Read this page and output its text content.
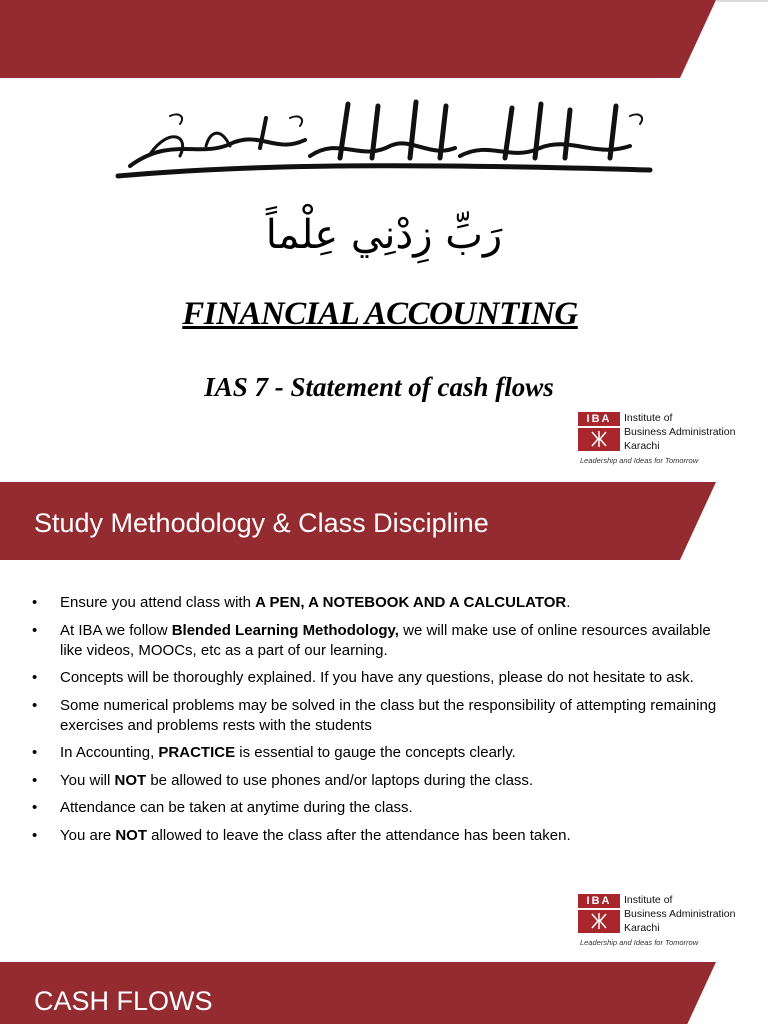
رَبِّ زِدْنِي عِلْماً
FINANCIAL ACCOUNTING
IAS 7 - Statement of cash flows
IBA	Institute of
Business Administration
Karachi
Leadership and Ideas for Tomorrow
Study Methodology & Class Discipline
• Ensure you attend class with A PEN, A NOTEBOOK AND A CALCULATOR.
• At IBA we follow Blended Learning Methodology, we will make use of online resources available like videos, MOOCs, etc as a part of our learning.
• Concepts will be thoroughly explained. If you have any questions, please do not hesitate to ask.
• Some numerical problems may be solved in the class but the responsibility of attempting remaining exercises and problems rests with the students
• In Accounting, PRACTICE is essential to gauge the concepts clearly.
• You will NOT be allowed to use phones and/or laptops during the class.
• Attendance can be taken at anytime during the class.
• You are NOT allowed to leave the class after the attendance has been taken.
IBA	Institute of
Business Administration
Karachi
Leadership and Ideas for Tomorrow
CASH FLOWS
